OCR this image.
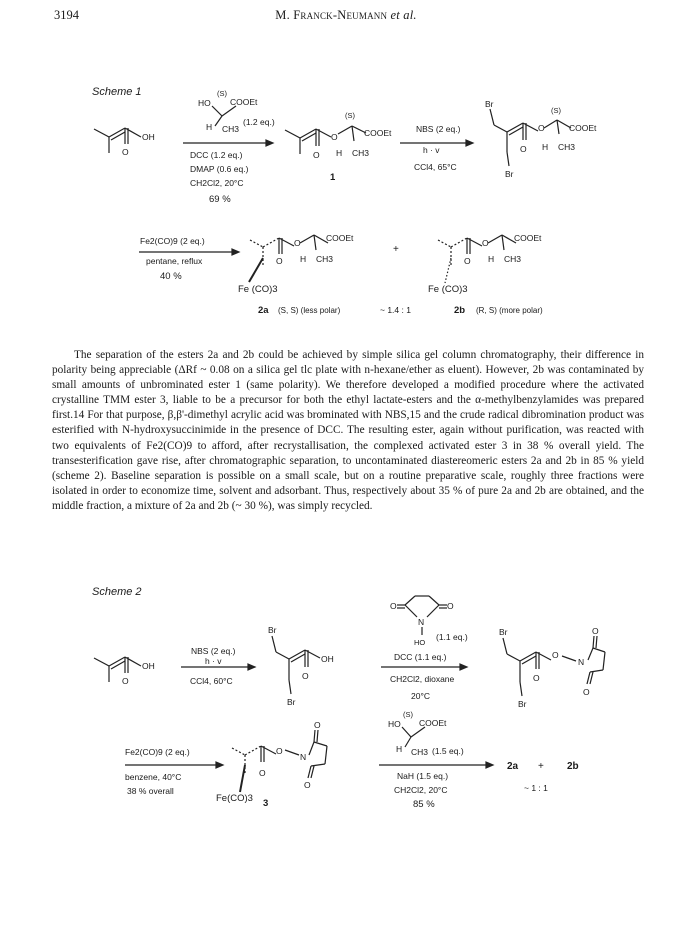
3194	M. Franck-Neumann et al.
Scheme 1
OH
O
(S)
HO COOEt
H CH3
(1.2 eq.)
DCC (1.2 eq.)
DMAP (0.6 eq.)
CH2Cl2, 20°C
69 %
O
(S)
COOEt
O H CH3
1
NBS (2 eq.)
h · v
CCl4, 65°C
Br
Br
O
(S)
COOEt
O H CH3
Fe2(CO)9 (2 eq.)
pentane, reflux
40 %
O	COOEt
O H CH3
Fe (CO)3
+
O	COOEt
O H CH3
Fe (CO)3
2a (S, S) (less polar)	~ 1.4 : 1	2b (R, S) (more polar)

The separation of the esters 2a and 2b could be achieved by simple silica gel column chromatography, their difference in polarity being appreciable (ΔRf ~ 0.08 on a silica gel tlc plate with n-hexane/ether as eluent). However, 2b was contaminated by small amounts of unbrominated ester 1 (same polarity). We therefore developed a modified procedure where the activated crystalline TMM ester 3, liable to be a precursor for both the ethyl lactate-esters and the α-methylbenzylamides was prepared first.14 For that purpose, β,β'-dimethyl acrylic acid was brominated with NBS,15 and the crude radical dibromination product was esterified with N-hydroxysuccinimide in the presence of DCC. The resulting ester, again without purification, was reacted with two equivalents of Fe2(CO)9 to afford, after recrystallisation, the complexed activated ester 3 in 38 % overall yield. The transesterification gave rise, after chromatographic separation, to uncontaminated diastereomeric esters 2a and 2b in 85 % yield (scheme 2). Baseline separation is possible on a small scale, but on a routine preparative scale, roughly three fractions were isolated in order to economize time, solvent and adsorbant. Thus, respectively about 35 % of pure 2a and 2b are obtained, and the middle fraction, a mixture of 2a and 2b (~ 30 %), was simply recycled.

Scheme 2
OH
O
NBS (2 eq.)
h · v
CCl4, 60°C
Br
Br
OH
O
O	O
N
HO
(1.1 eq.)
DCC (1.1 eq.)
CH2Cl2, dioxane
20°C
Br
Br
O
O
N
O
O
Fe2(CO)9 (2 eq.)
benzene, 40°C
38 % overall
O
O
N
O
O
Fe(CO)3 3
HO
(S)
COOEt
H CH3 (1.5 eq.)
NaH (1.5 eq.)
CH2Cl2, 20°C
85 %
2a + 2b
~ 1 : 1
